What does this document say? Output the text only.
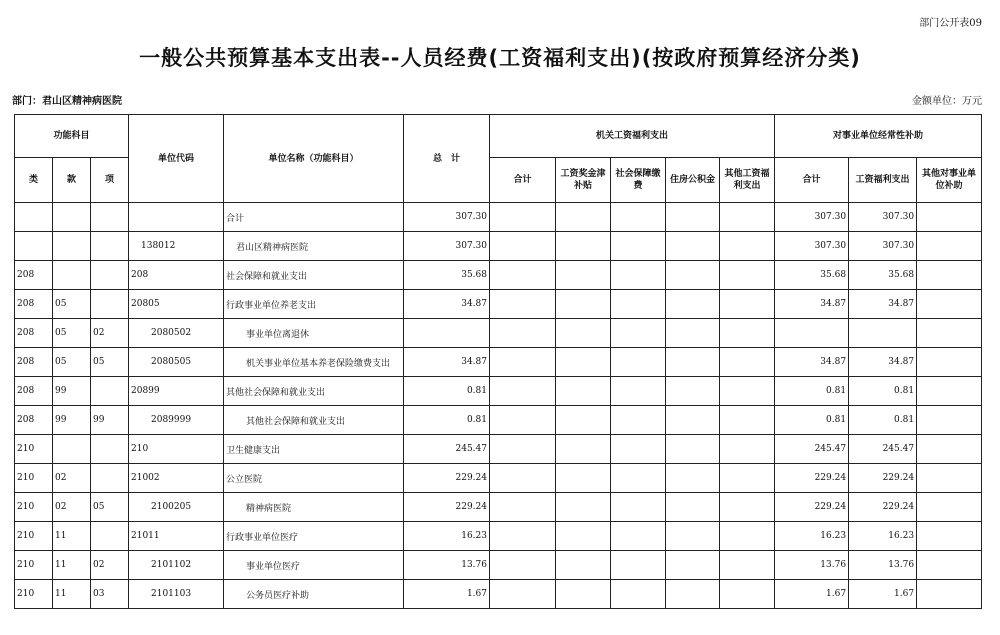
部门公开表09
一般公共预算基本支出表--人员经费(工资福利支出)(按政府预算经济分类)
部门：君山区精神病医院	金额单位：万元
功能科目			单位代码	单位名称（功能科目）	总　计	机关工资福利支出					对事业单位经常性补助		
类	款	项				合计	工资奖金津补贴	社会保障缴费	住房公积金	其他工资福利支出	合计	工资福利支出	其他对事业单位补助
				合计	307.30						307.30	307.30	
			138012	君山区精神病医院	307.30						307.30	307.30	
208			208	社会保障和就业支出	35.68						35.68	35.68	
208	05		20805	行政事业单位养老支出	34.87						34.87	34.87	
208	05	02	2080502	事业单位离退休									
208	05	05	2080505	机关事业单位基本养老保险缴费支出	34.87						34.87	34.87	
208	99		20899	其他社会保障和就业支出	0.81						0.81	0.81	
208	99	99	2089999	其他社会保障和就业支出	0.81						0.81	0.81	
210			210	卫生健康支出	245.47						245.47	245.47	
210	02		21002	公立医院	229.24						229.24	229.24	
210	02	05	2100205	精神病医院	229.24						229.24	229.24	
210	11		21011	行政事业单位医疗	16.23						16.23	16.23	
210	11	02	2101102	事业单位医疗	13.76						13.76	13.76	
210	11	03	2101103	公务员医疗补助	1.67						1.67	1.67	
